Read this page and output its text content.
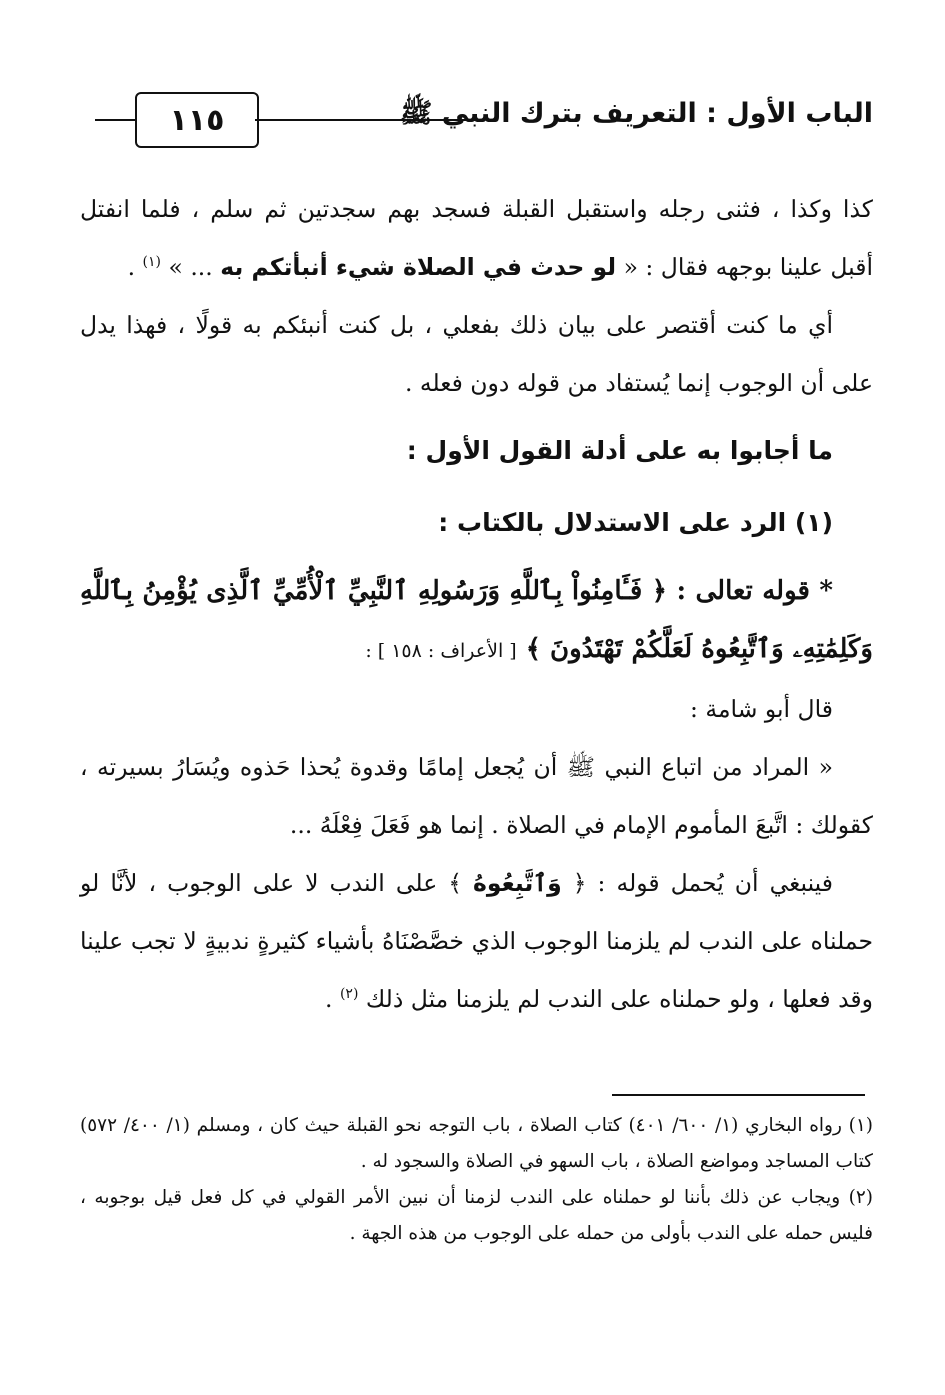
١١٥	الباب الأول : التعريف بترك النبي ﷺ

كذا وكذا ، فثنى رجله واستقبل القبلة فسجد بهم سجدتين ثم سلم ، فلما انفتل أقبل علينا بوجهه فقال : « لو حدث في الصلاة شيء أنبأتكم به ... » $^{(١)}$ .

أي ما كنت أقتصر على بيان ذلك بفعلي ، بل كنت أنبئكم به قولًا ، فهذا يدل على أن الوجوب إنما يُستفاد من قوله دون فعله .

ما أجابوا به على أدلة القول الأول :

(١) الرد على الاستدلال بالكتاب :

* قوله تعالى : ﴿ فَـَٔامِنُواْ بِٱللَّهِ وَرَسُولِهِ ٱلنَّبِيِّ ٱلْأُمِّيِّ ٱلَّذِى يُؤْمِنُ بِٱللَّهِ وَكَلِمَٰتِهِۦ وَٱتَّبِعُوهُ لَعَلَّكُمْ تَهْتَدُونَ ﴾ [ الأعراف : ١٥٨ ] :

قال أبو شامة :

« المراد من اتباع النبي ﷺ أن يُجعل إمامًا وقدوة يُحذا حَذوه ويُسَارُ بسيرته ، كقولك : اتَّبعَ المأموم الإمام في الصلاة . إنما هو فَعَلَ فِعْلَهُ ...

فينبغي أن يُحمل قوله : ﴿ وَٱتَّبِعُوهُ ﴾ على الندب لا على الوجوب ، لأنَّا لو حملناه على الندب لم يلزمنا الوجوب الذي خصَّصْنَاهُ بأشياء كثيرةٍ ندبيةٍ لا تجب علينا وقد فعلها ، ولو حملناه على الندب لم يلزمنا مثل ذلك $^{(٢)}$ .

(١) رواه البخاري (١/ ٦٠٠/ ٤٠١) كتاب الصلاة ، باب التوجه نحو القبلة حيث كان ، ومسلم (١/ ٤٠٠/ ٥٧٢) كتاب المساجد ومواضع الصلاة ، باب السهو في الصلاة والسجود له .

(٢) ويجاب عن ذلك بأننا لو حملناه على الندب لزمنا أن نبين الأمر القولي في كل فعل قيل بوجوبه ، فليس حمله على الندب بأولى من حمله على الوجوب من هذه الجهة .
